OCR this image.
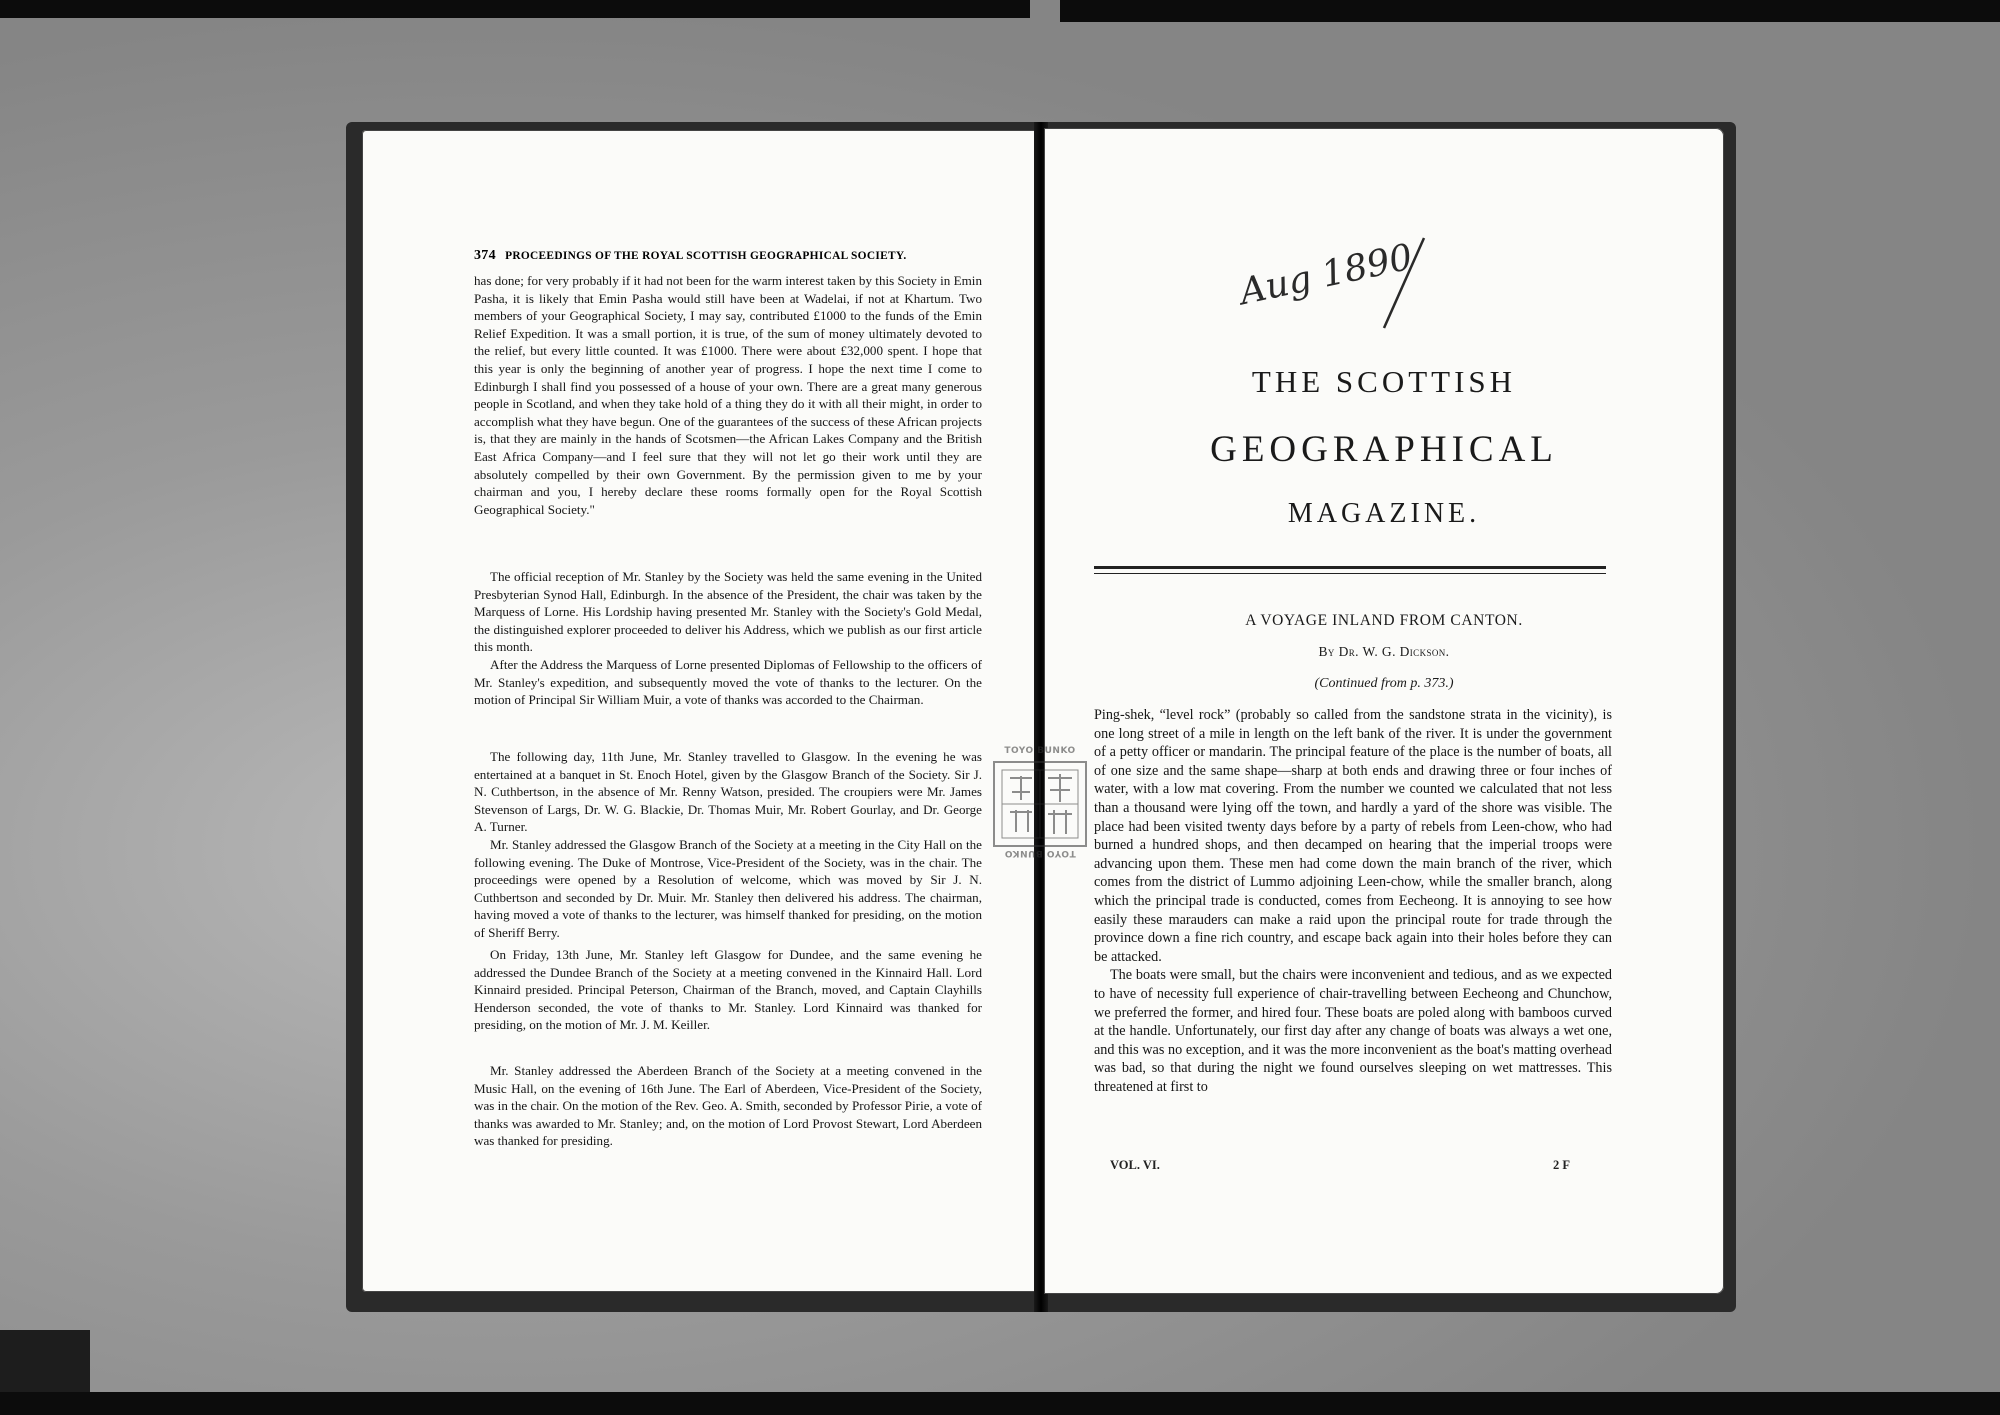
374 PROCEEDINGS OF THE ROYAL SCOTTISH GEOGRAPHICAL SOCIETY.

has done; for very probably if it had not been for the warm interest taken by this Society in Emin Pasha, it is likely that Emin Pasha would still have been at Wadelai, if not at Khartum. Two members of your Geographical Society, I may say, contributed £1000 to the funds of the Emin Relief Expedition. It was a small portion, it is true, of the sum of money ultimately devoted to the relief, but every little counted. It was £1000. There were about £32,000 spent. I hope that this year is only the beginning of another year of progress. I hope the next time I come to Edinburgh I shall find you possessed of a house of your own. There are a great many generous people in Scotland, and when they take hold of a thing they do it with all their might, in order to accomplish what they have begun. One of the guarantees of the success of these African projects is, that they are mainly in the hands of Scotsmen—the African Lakes Company and the British East Africa Company—and I feel sure that they will not let go their work until they are absolutely compelled by their own Government. By the permission given to me by your chairman and you, I hereby declare these rooms formally open for the Royal Scottish Geographical Society."

The official reception of Mr. Stanley by the Society was held the same evening in the United Presbyterian Synod Hall, Edinburgh. In the absence of the President, the chair was taken by the Marquess of Lorne. His Lordship having presented Mr. Stanley with the Society's Gold Medal, the distinguished explorer proceeded to deliver his Address, which we publish as our first article this month.

After the Address the Marquess of Lorne presented Diplomas of Fellowship to the officers of Mr. Stanley's expedition, and subsequently moved the vote of thanks to the lecturer. On the motion of Principal Sir William Muir, a vote of thanks was accorded to the Chairman.

The following day, 11th June, Mr. Stanley travelled to Glasgow. In the evening he was entertained at a banquet in St. Enoch Hotel, given by the Glasgow Branch of the Society. Sir J. N. Cuthbertson, in the absence of Mr. Renny Watson, presided. The croupiers were Mr. James Stevenson of Largs, Dr. W. G. Blackie, Dr. Thomas Muir, Mr. Robert Gourlay, and Dr. George A. Turner.

Mr. Stanley addressed the Glasgow Branch of the Society at a meeting in the City Hall on the following evening. The Duke of Montrose, Vice-President of the Society, was in the chair. The proceedings were opened by a Resolution of welcome, which was moved by Sir J. N. Cuthbertson and seconded by Dr. Muir. Mr. Stanley then delivered his address. The chairman, having moved a vote of thanks to the lecturer, was himself thanked for presiding, on the motion of Sheriff Berry.

On Friday, 13th June, Mr. Stanley left Glasgow for Dundee, and the same evening he addressed the Dundee Branch of the Society at a meeting convened in the Kinnaird Hall. Lord Kinnaird presided. Principal Peterson, Chairman of the Branch, moved, and Captain Clayhills Henderson seconded, the vote of thanks to Mr. Stanley. Lord Kinnaird was thanked for presiding, on the motion of Mr. J. M. Keiller.

Mr. Stanley addressed the Aberdeen Branch of the Society at a meeting convened in the Music Hall, on the evening of 16th June. The Earl of Aberdeen, Vice-President of the Society, was in the chair. On the motion of the Rev. Geo. A. Smith, seconded by Professor Pirie, a vote of thanks was awarded to Mr. Stanley; and, on the motion of Lord Provost Stewart, Lord Aberdeen was thanked for presiding.

Aug 1890
THE SCOTTISH
GEOGRAPHICAL
MAGAZINE.
A VOYAGE INLAND FROM CANTON.
By Dr. W. G. Dickson.
(Continued from p. 373.)

Ping-shek, “level rock” (probably so called from the sandstone strata in the vicinity), is one long street of a mile in length on the left bank of the river. It is under the government of a petty officer or mandarin. The principal feature of the place is the number of boats, all of one size and the same shape—sharp at both ends and drawing three or four inches of water, with a low mat covering. From the number we counted we calculated that not less than a thousand were lying off the town, and hardly a yard of the shore was visible. The place had been visited twenty days before by a party of rebels from Leen-chow, who had burned a hundred shops, and then decamped on hearing that the imperial troops were advancing upon them. These men had come down the main branch of the river, which comes from the district of Lummo adjoining Leen-chow, while the smaller branch, along which the principal trade is conducted, comes from Eecheong. It is annoying to see how easily these marauders can make a raid upon the principal route for trade through the province down a fine rich country, and escape back again into their holes before they can be attacked.

The boats were small, but the chairs were inconvenient and tedious, and as we expected to have of necessity full experience of chair-travelling between Eecheong and Chunchow, we preferred the former, and hired four. These boats are poled along with bamboos curved at the handle. Unfortunately, our first day after any change of boats was always a wet one, and this was no exception, and it was the more inconvenient as the boat's matting overhead was bad, so that during the night we found ourselves sleeping on wet mattresses. This threatened at first to

VOL. VI.	2 F
TOYO BUNKO
TOYO BUNKO
